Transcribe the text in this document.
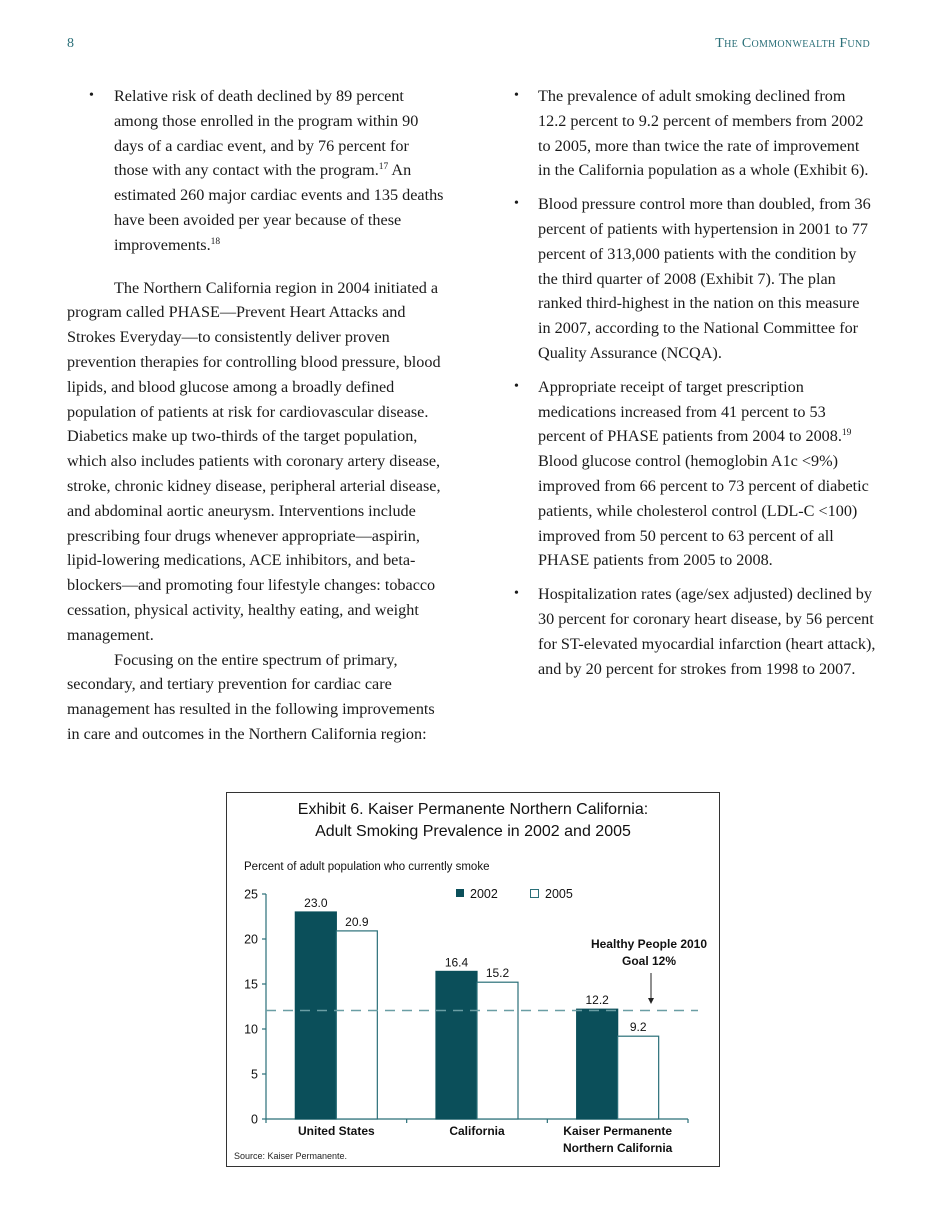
8	The Commonwealth Fund
• Relative risk of death declined by 89 percent among those enrolled in the program within 90 days of a cardiac event, and by 76 percent for those with any contact with the program.$^{17}$ An estimated 260 major cardiac events and 135 deaths have been avoided per year because of these improvements.$^{18}$

The Northern California region in 2004 initiated a program called PHASE—Prevent Heart Attacks and Strokes Everyday—to consistently deliver proven prevention therapies for controlling blood pressure, blood lipids, and blood glucose among a broadly defined population of patients at risk for cardiovascular disease. Diabetics make up two-thirds of the target population, which also includes patients with coronary artery disease, stroke, chronic kidney disease, peripheral arterial disease, and abdominal aortic aneurysm. Interventions include prescribing four drugs whenever appropriate—aspirin, lipid-lowering medications, ACE inhibitors, and beta-blockers—and promoting four lifestyle changes: tobacco cessation, physical activity, healthy eating, and weight management.

Focusing on the entire spectrum of primary, secondary, and tertiary prevention for cardiac care management has resulted in the following improvements in care and outcomes in the Northern California region:

• The prevalence of adult smoking declined from 12.2 percent to 9.2 percent of members from 2002 to 2005, more than twice the rate of improvement in the California population as a whole (Exhibit 6).
• Blood pressure control more than doubled, from 36 percent of patients with hypertension in 2001 to 77 percent of 313,000 patients with the condition by the third quarter of 2008 (Exhibit 7). The plan ranked third-highest in the nation on this measure in 2007, according to the National Committee for Quality Assurance (NCQA).
• Appropriate receipt of target prescription medications increased from 41 percent to 53 percent of PHASE patients from 2004 to 2008.19 Blood glucose control (hemoglobin A1c <9%) improved from 66 percent to 73 percent of diabetic patients, while cholesterol control (LDL-C <100) improved from 50 percent to 63 percent of all PHASE patients from 2005 to 2008.
• Hospitalization rates (age/sex adjusted) declined by 30 percent for coronary heart disease, by 56 percent for ST-elevated myocardial infarction (heart attack), and by 20 percent for strokes from 1998 to 2007.
Exhibit 6. Kaiser Permanente Northern California:
Adult Smoking Prevalence in 2002 and 2005
Percent of adult population who currently smoke
0
5
10
15
20
25
23.0
20.9
United States
16.4
15.2
California
12.2
9.2
Kaiser Permanente
Northern California
Healthy People 2010
Goal 12%
2002	2005
Source: Kaiser Permanente.
